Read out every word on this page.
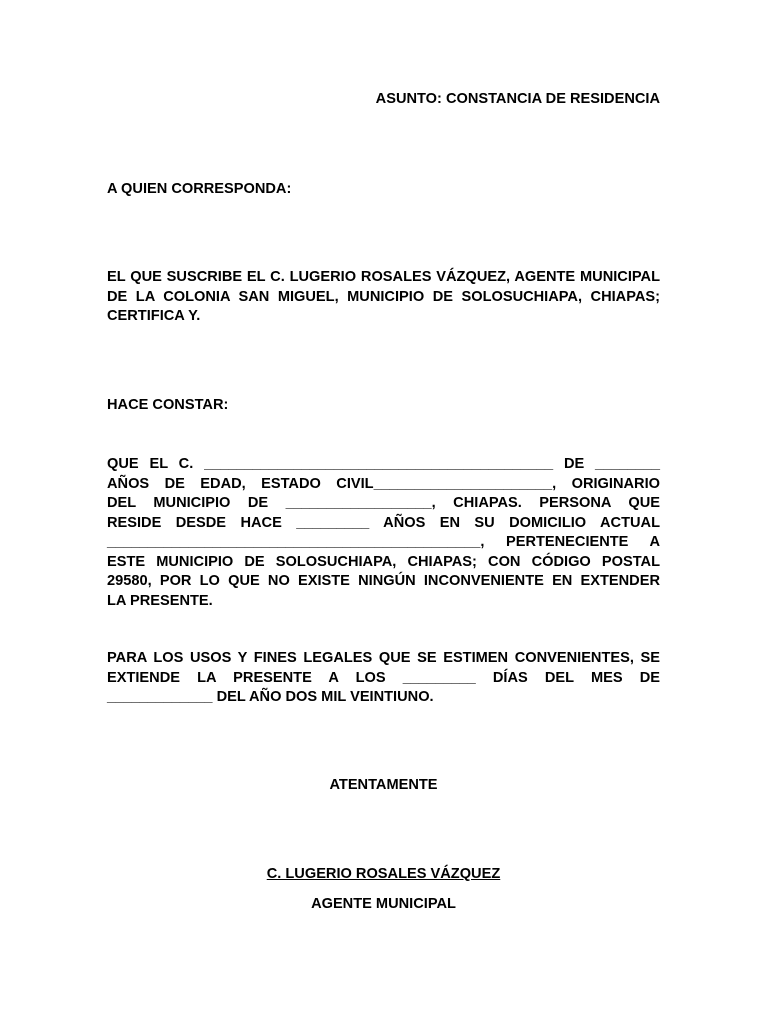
ASUNTO: CONSTANCIA DE RESIDENCIA

A QUIEN CORRESPONDA:

EL QUE SUSCRIBE EL C. LUGERIO ROSALES VÁZQUEZ, AGENTE MUNICIPAL DE LA COLONIA SAN MIGUEL, MUNICIPIO DE SOLOSUCHIAPA, CHIAPAS; CERTIFICA Y.

HACE CONSTAR:

QUE EL C. ___________________________________________ DE ________
AÑOS DE EDAD, ESTADO CIVIL______________________, ORIGINARIO
DEL MUNICIPIO DE __________________, CHIAPAS. PERSONA QUE
RESIDE DESDE HACE _________ AÑOS EN SU DOMICILIO ACTUAL
______________________________________________, PERTENECIENTE A
ESTE MUNICIPIO DE SOLOSUCHIAPA, CHIAPAS; CON CÓDIGO POSTAL
29580, POR LO QUE NO EXISTE NINGÚN INCONVENIENTE EN EXTENDER
LA PRESENTE.
PARA LOS USOS Y FINES LEGALES QUE SE ESTIMEN CONVENIENTES, SE
EXTIENDE LA PRESENTE A LOS _________ DÍAS DEL MES DE
_____________ DEL AÑO DOS MIL VEINTIUNO.

ATENTAMENTE

C. LUGERIO ROSALES VÁZQUEZ

AGENTE MUNICIPAL
